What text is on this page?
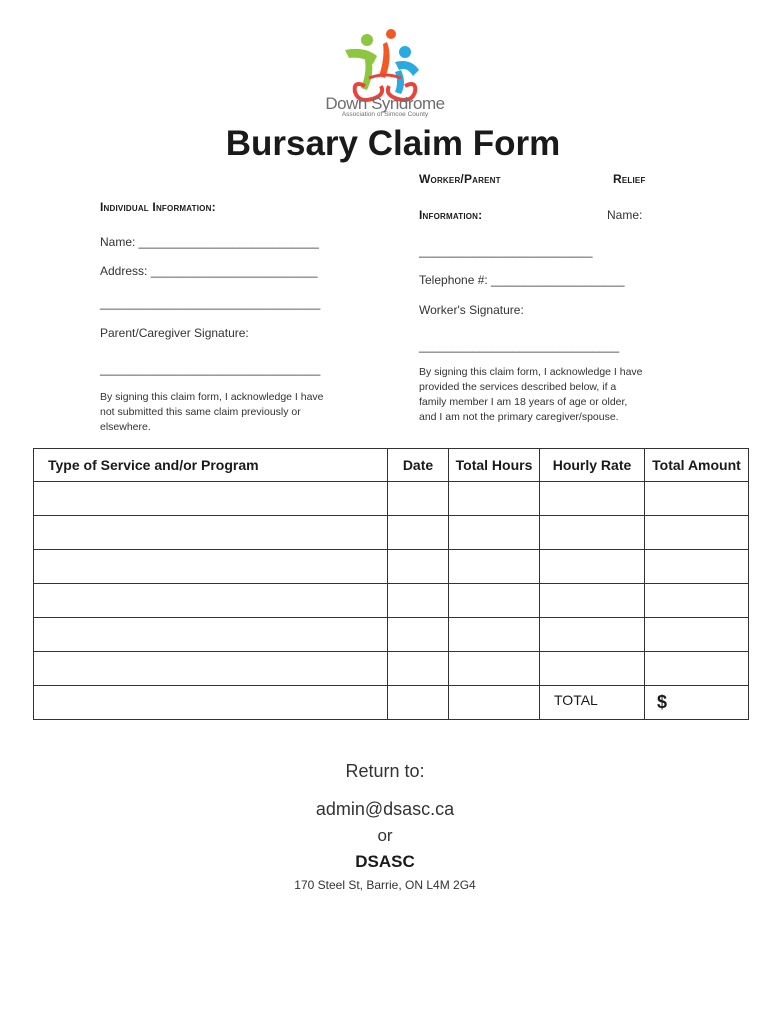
Down Syndrome
Association of Simcoe County
Bursary Claim Form
Individual Information:
Name: ___________________________
Address: _________________________
_________________________________
Parent/Caregiver Signature:
_________________________________
By signing this claim form, I acknowledge I have
not submitted this same claim previously or
elsewhere.
Worker/Parent	Relief
Information:	Name:
__________________________
Telephone #: ____________________
Worker's Signature:
______________________________
By signing this claim form, I acknowledge I have
provided the services described below, if a
family member I am 18 years of age or older,
and I am not the primary caregiver/spouse.
Type of Service and/or Program	Date	Total Hours	Hourly Rate	Total Amount

			TOTAL	$
Return to:
admin@dsasc.ca
or
DSASC
170 Steel St, Barrie, ON L4M 2G4
